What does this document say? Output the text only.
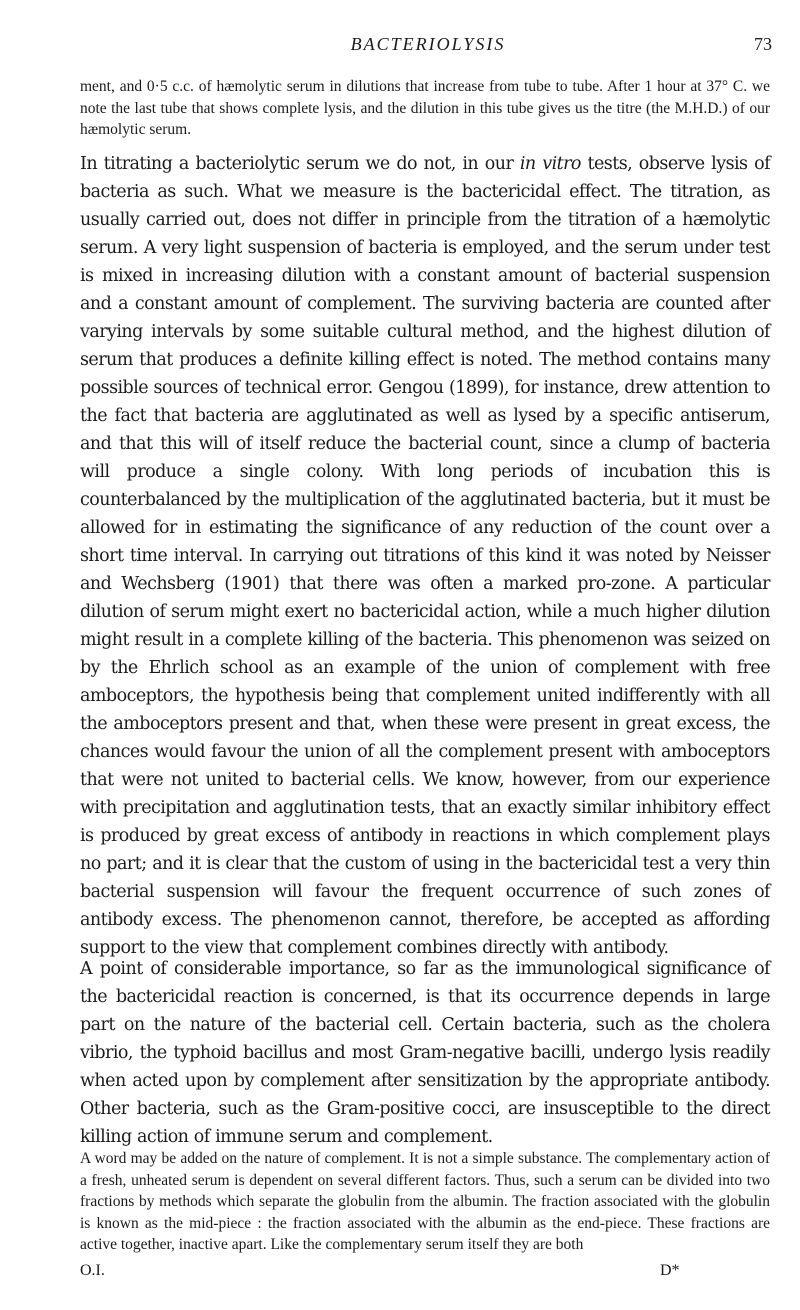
BACTERIOLYSIS	73

ment, and 0·5 c.c. of hæmolytic serum in dilutions that increase from tube to tube. After 1 hour at 37° C. we note the last tube that shows complete lysis, and the dilution in this tube gives us the titre (the M.H.D.) of our hæmolytic serum.

In titrating a bacteriolytic serum we do not, in our in vitro tests, observe lysis of bacteria as such. What we measure is the bactericidal effect. The titration, as usually carried out, does not differ in principle from the titration of a hæmolytic serum. A very light suspension of bacteria is employed, and the serum under test is mixed in increasing dilution with a constant amount of bacterial suspension and a constant amount of complement. The surviving bacteria are counted after varying intervals by some suitable cultural method, and the highest dilution of serum that produces a definite killing effect is noted. The method contains many possible sources of technical error. Gengou (1899), for instance, drew attention to the fact that bacteria are agglutinated as well as lysed by a specific antiserum, and that this will of itself reduce the bacterial count, since a clump of bacteria will produce a single colony. With long periods of incubation this is counterbalanced by the multiplication of the agglutinated bacteria, but it must be allowed for in estimating the significance of any reduction of the count over a short time interval. In carrying out titrations of this kind it was noted by Neisser and Wechsberg (1901) that there was often a marked pro-zone. A particular dilution of serum might exert no bactericidal action, while a much higher dilution might result in a complete killing of the bacteria. This phenomenon was seized on by the Ehrlich school as an example of the union of complement with free amboceptors, the hypothesis being that complement united indifferently with all the amboceptors present and that, when these were present in great excess, the chances would favour the union of all the complement present with amboceptors that were not united to bacterial cells. We know, however, from our experience with precipitation and agglutination tests, that an exactly similar inhibitory effect is produced by great excess of antibody in reactions in which complement plays no part; and it is clear that the custom of using in the bactericidal test a very thin bacterial suspension will favour the frequent occurrence of such zones of antibody excess. The phenomenon cannot, therefore, be accepted as affording support to the view that complement combines directly with antibody.

A point of considerable importance, so far as the immunological significance of the bactericidal reaction is concerned, is that its occurrence depends in large part on the nature of the bacterial cell. Certain bacteria, such as the cholera vibrio, the typhoid bacillus and most Gram-negative bacilli, undergo lysis readily when acted upon by complement after sensitization by the appropriate antibody. Other bacteria, such as the Gram-positive cocci, are insusceptible to the direct killing action of immune serum and complement.

A word may be added on the nature of complement. It is not a simple substance. The complementary action of a fresh, unheated serum is dependent on several different factors. Thus, such a serum can be divided into two fractions by methods which separate the globulin from the albumin. The fraction associated with the globulin is known as the mid-piece : the fraction associated with the albumin as the end-piece. These fractions are active together, inactive apart. Like the complementary serum itself they are both

O.I.	D*
